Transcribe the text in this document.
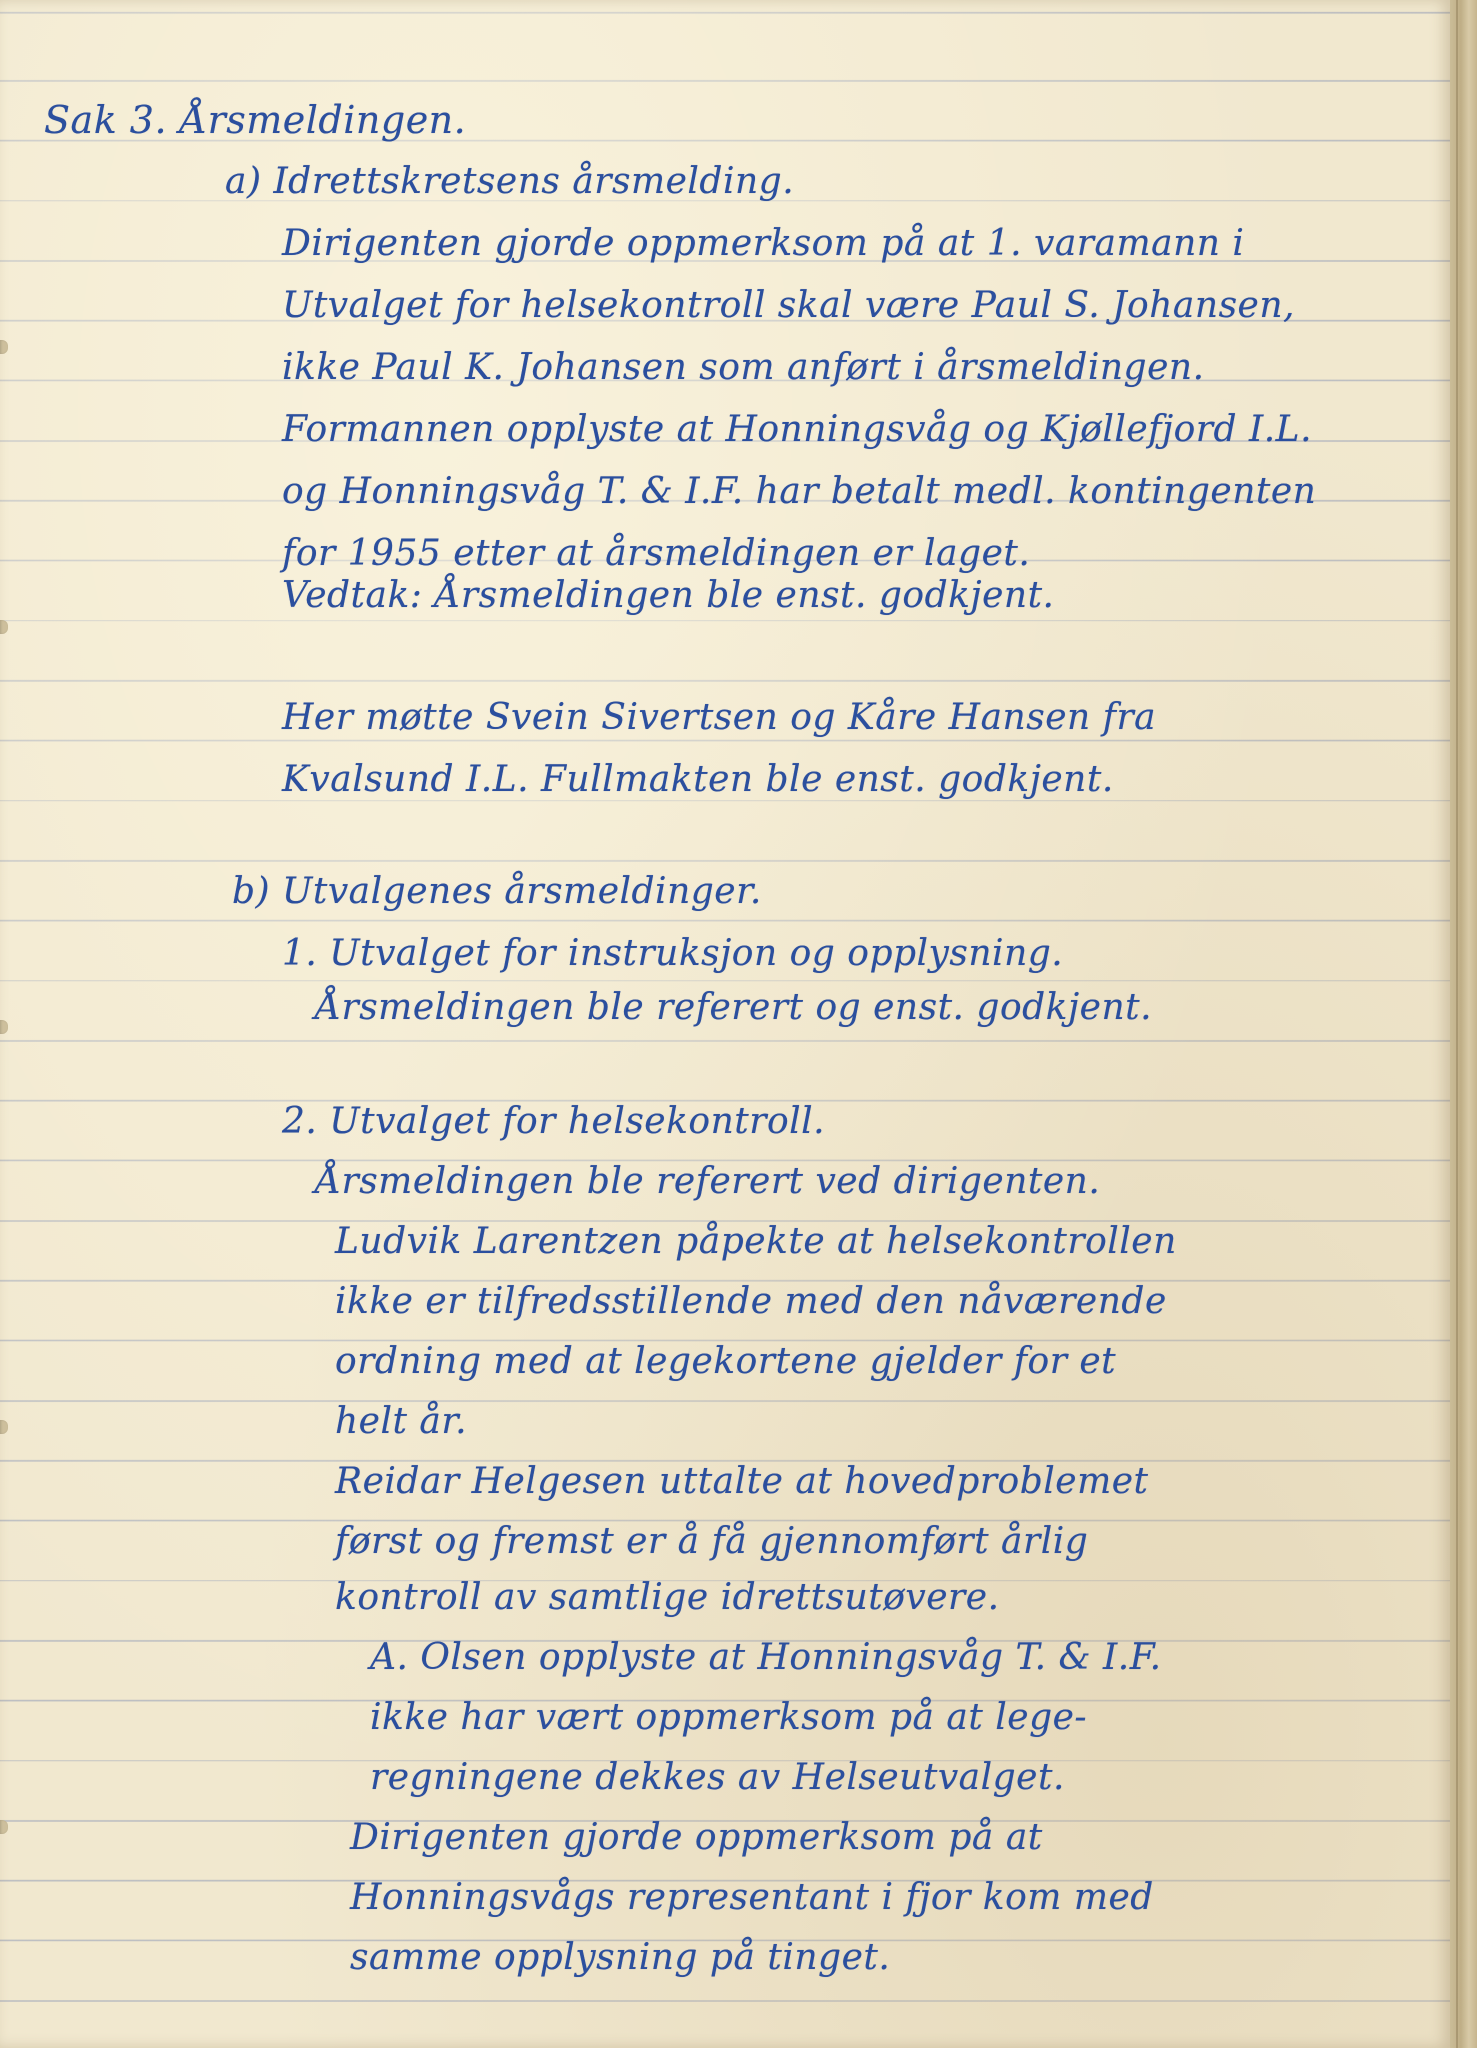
Sak 3. Årsmeldingen.
a) Idrettskretsens årsmelding.
Dirigenten gjorde oppmerksom på at 1. varamann i
Utvalget for helsekontroll skal være Paul S. Johansen,
ikke Paul K. Johansen som anført i årsmeldingen.
Formannen opplyste at Honningsvåg og Kjøllefjord I.L.
og Honningsvåg T. & I.F. har betalt medl. kontingenten
for 1955 etter at årsmeldingen er laget.
Vedtak: Årsmeldingen ble enst. godkjent.
Her møtte Svein Sivertsen og Kåre Hansen fra
Kvalsund I.L. Fullmakten ble enst. godkjent.
b) Utvalgenes årsmeldinger.
1. Utvalget for instruksjon og opplysning.
Årsmeldingen ble referert og enst. godkjent.
2. Utvalget for helsekontroll.
Årsmeldingen ble referert ved dirigenten.
Ludvik Larentzen påpekte at helsekontrollen
ikke er tilfredsstillende med den nåværende
ordning med at legekortene gjelder for et
helt år.
Reidar Helgesen uttalte at hovedproblemet
først og fremst er å få gjennomført årlig
kontroll av samtlige idrettsutøvere.
A. Olsen opplyste at Honningsvåg T. & I.F.
ikke har vært oppmerksom på at lege-
regningene dekkes av Helseutvalget.
Dirigenten gjorde oppmerksom på at
Honningsvågs representant i fjor kom med
samme opplysning på tinget.
